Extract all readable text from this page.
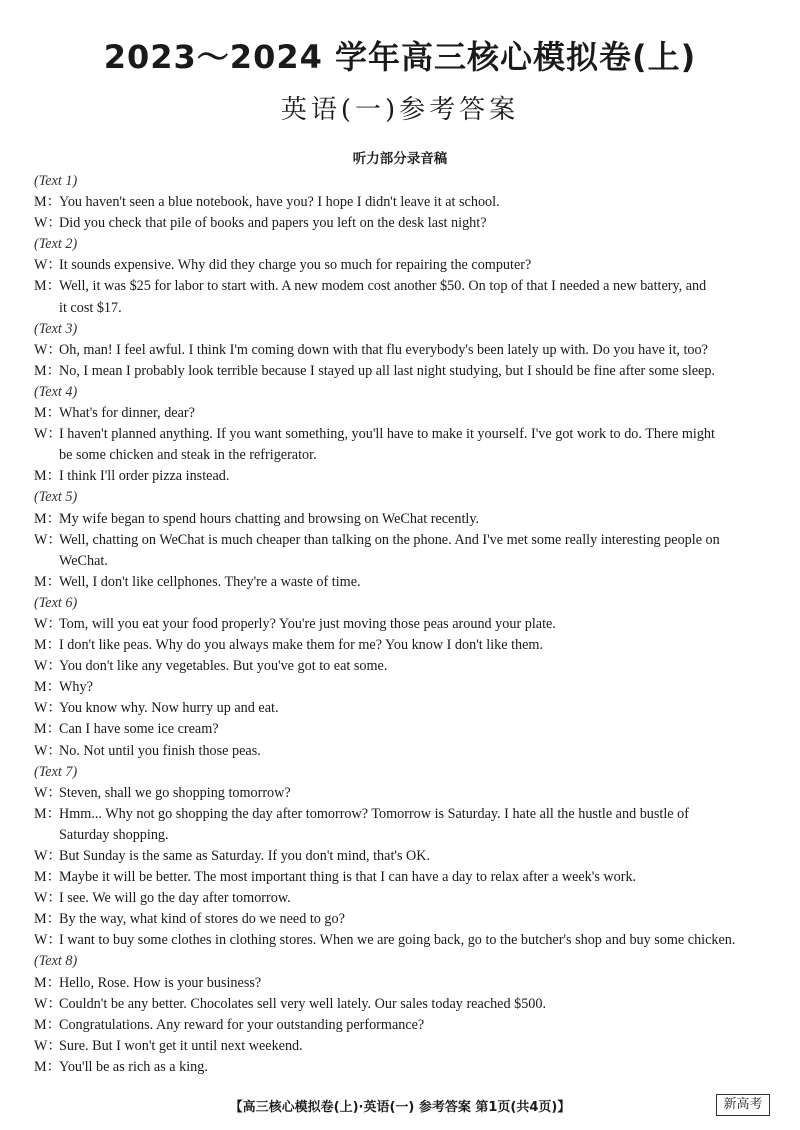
2023～2024 学年高三核心模拟卷(上)
英语(一)参考答案
听力部分录音稿
(Text 1)
M：
You haven't seen a blue notebook, have you? I hope I didn't leave it at school.
W：
Did you check that pile of books and papers you left on the desk last night?
(Text 2)
W：
It sounds expensive. Why did they charge you so much for repairing the computer?
M：
Well, it was $25 for labor to start with. A new modem cost another $50. On top of that I needed a new battery, and
it cost $17.
(Text 3)
W：
Oh, man! I feel awful. I think I'm coming down with that flu everybody's been lately up with. Do you have it, too?
M：
No, I mean I probably look terrible because I stayed up all last night studying, but I should be fine after some sleep.
(Text 4)
M：
What's for dinner, dear?
W：
I haven't planned anything. If you want something, you'll have to make it yourself. I've got work to do. There might
be some chicken and steak in the refrigerator.
M：
I think I'll order pizza instead.
(Text 5)
M：
My wife began to spend hours chatting and browsing on WeChat recently.
W：
Well, chatting on WeChat is much cheaper than talking on the phone. And I've met some really interesting people on
WeChat.
M：
Well, I don't like cellphones. They're a waste of time.
(Text 6)
W：
Tom, will you eat your food properly? You're just moving those peas around your plate.
M：
I don't like peas. Why do you always make them for me? You know I don't like them.
W：
You don't like any vegetables. But you've got to eat some.
M：
Why?
W：
You know why. Now hurry up and eat.
M：
Can I have some ice cream?
W：
No. Not until you finish those peas.
(Text 7)
W：
Steven, shall we go shopping tomorrow?
M：
Hmm... Why not go shopping the day after tomorrow? Tomorrow is Saturday. I hate all the hustle and bustle of
Saturday shopping.
W：
But Sunday is the same as Saturday. If you don't mind, that's OK.
M：
Maybe it will be better. The most important thing is that I can have a day to relax after a week's work.
W：
I see. We will go the day after tomorrow.
M：
By the way, what kind of stores do we need to go?
W：
I want to buy some clothes in clothing stores. When we are going back, go to the butcher's shop and buy some chicken.
(Text 8)
M：
Hello, Rose. How is your business?
W：
Couldn't be any better. Chocolates sell very well lately. Our sales today reached $500.
M：
Congratulations. Any reward for your outstanding performance?
W：
Sure. But I won't get it until next weekend.
M：
You'll be as rich as a king.
【高三核心模拟卷(上)·英语(一) 参考答案 第1页(共4页)】	新高考
